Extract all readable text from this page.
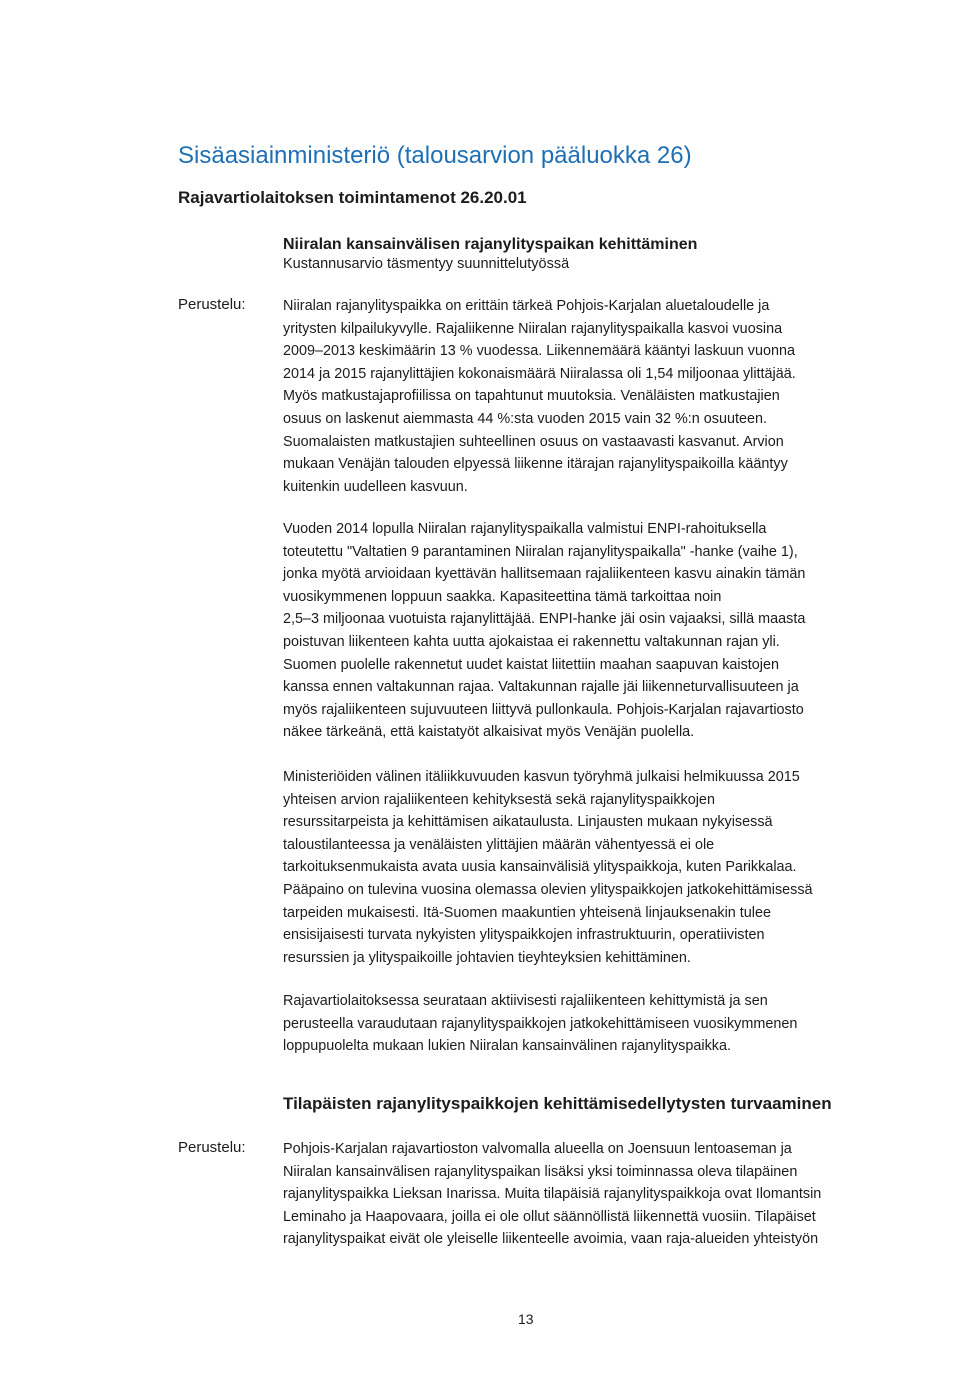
Sisäasiainministeriö (talousarvion pääluokka 26)
Rajavartiolaitoksen toimintamenot 26.20.01
Niiralan kansainvälisen rajanylityspaikan kehittäminen
Kustannusarvio täsmentyy suunnittelutyössä
Perustelu:	Niiralan rajanylityspaikka on erittäin tärkeä Pohjois-Karjalan aluetaloudelle ja
yritysten kilpailukyvylle. Rajaliikenne Niiralan rajanylityspaikalla kasvoi vuosina
2009–2013 keskimäärin 13 % vuodessa. Liikennemäärä kääntyi laskuun vuonna
2014 ja 2015 rajanylittäjien kokonaismäärä Niiralassa oli 1,54 miljoonaa ylittäjää.
Myös matkustajaprofiilissa on tapahtunut muutoksia. Venäläisten matkustajien
osuus on laskenut aiemmasta 44 %:sta vuoden 2015 vain 32 %:n osuuteen.
Suomalaisten matkustajien suhteellinen osuus on vastaavasti kasvanut. Arvion
mukaan Venäjän talouden elpyessä liikenne itärajan rajanylityspaikoilla kääntyy
kuitenkin uudelleen kasvuun.
Vuoden 2014 lopulla Niiralan rajanylityspaikalla valmistui ENPI-rahoituksella
toteutettu "Valtatien 9 parantaminen Niiralan rajanylityspaikalla" -hanke (vaihe 1),
jonka myötä arvioidaan kyettävän hallitsemaan rajaliikenteen kasvu ainakin tämän
vuosikymmenen loppuun saakka. Kapasiteettina tämä tarkoittaa noin
2,5–3 miljoonaa vuotuista rajanylittäjää. ENPI-hanke jäi osin vajaaksi, sillä maasta
poistuvan liikenteen kahta uutta ajokaistaa ei rakennettu valtakunnan rajan yli.
Suomen puolelle rakennetut uudet kaistat liitettiin maahan saapuvan kaistojen
kanssa ennen valtakunnan rajaa. Valtakunnan rajalle jäi liikenneturvallisuuteen ja
myös rajaliikenteen sujuvuuteen liittyvä pullonkaula. Pohjois-Karjalan rajavartiosto
näkee tärkeänä, että kaistatyöt alkaisivat myös Venäjän puolella.
Ministeriöiden välinen itäliikkuvuuden kasvun työryhmä julkaisi helmikuussa 2015
yhteisen arvion rajaliikenteen kehityksestä sekä rajanylityspaikkojen
resurssitarpeista ja kehittämisen aikataulusta. Linjausten mukaan nykyisessä
taloustilanteessa ja venäläisten ylittäjien määrän vähentyessä ei ole
tarkoituksenmukaista avata uusia kansainvälisiä ylityspaikkoja, kuten Parikkalaa.
Pääpaino on tulevina vuosina olemassa olevien ylityspaikkojen jatkokehittämisessä
tarpeiden mukaisesti. Itä-Suomen maakuntien yhteisenä linjauksenakin tulee
ensisijaisesti turvata nykyisten ylityspaikkojen infrastruktuurin, operatiivisten
resurssien ja ylityspaikoille johtavien tieyhteyksien kehittäminen.
Rajavartiolaitoksessa seurataan aktiivisesti rajaliikenteen kehittymistä ja sen
perusteella varaudutaan rajanylityspaikkojen jatkokehittämiseen vuosikymmenen
loppupuolelta mukaan lukien Niiralan kansainvälinen rajanylityspaikka.
Tilapäisten rajanylityspaikkojen kehittämisedellytysten turvaaminen
Perustelu:	Pohjois-Karjalan rajavartioston valvomalla alueella on Joensuun lentoaseman ja
Niiralan kansainvälisen rajanylityspaikan lisäksi yksi toiminnassa oleva tilapäinen
rajanylityspaikka Lieksan Inarissa. Muita tilapäisiä rajanylityspaikkoja ovat Ilomantsin
Leminaho ja Haapovaara, joilla ei ole ollut säännöllistä liikennettä vuosiin. Tilapäiset
rajanylityspaikat eivät ole yleiselle liikenteelle avoimia, vaan raja-alueiden yhteistyön
13
